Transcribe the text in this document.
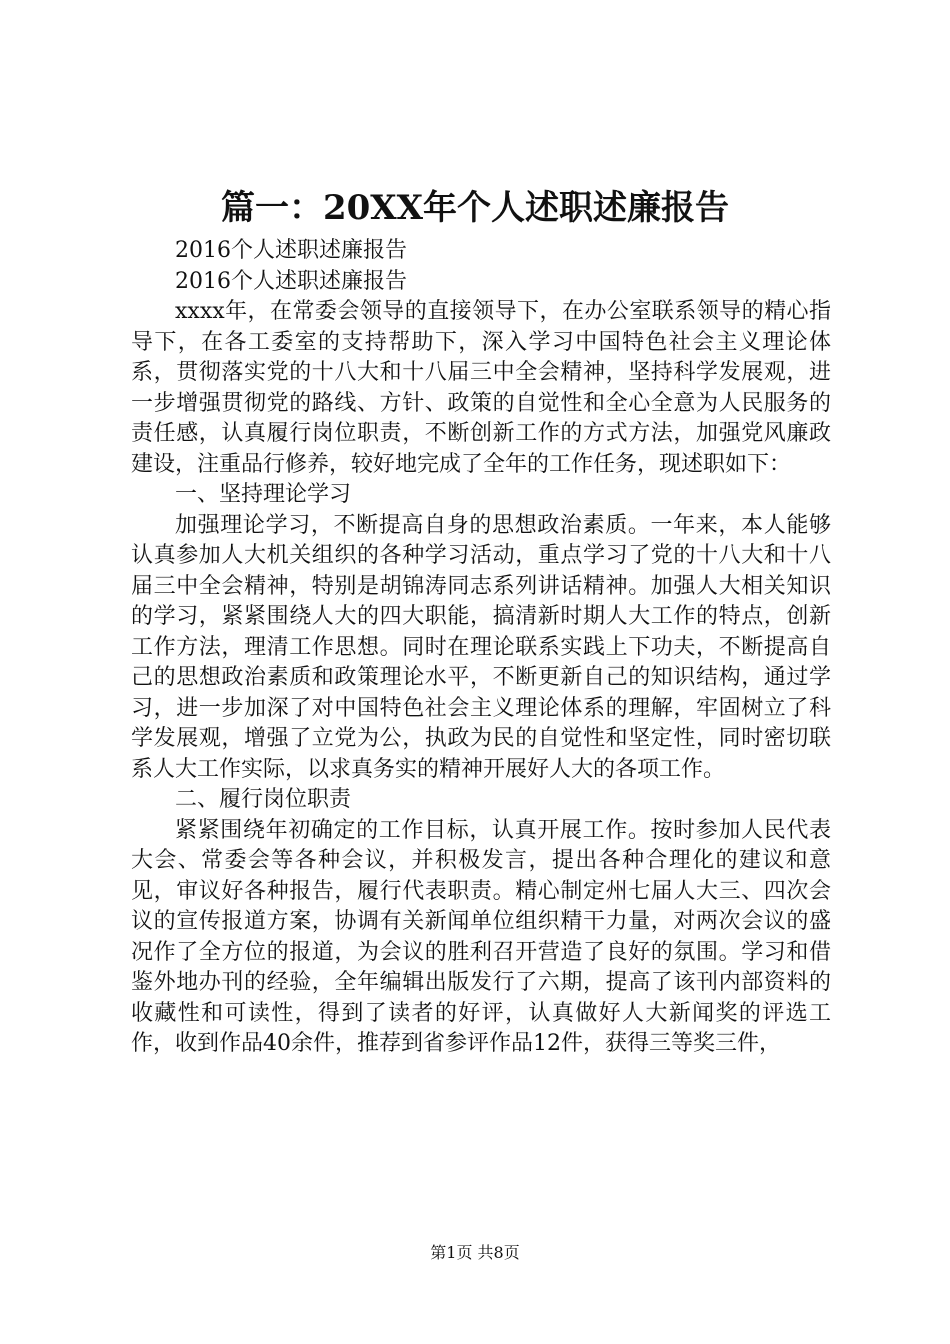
篇一：20XX年个人述职述廉报告

2016个人述职述廉报告

2016个人述职述廉报告

xxxx年，在常委会领导的直接领导下，在办公室联系领导的精心指导下，在各工委室的支持帮助下，深入学习中国特色社会主义理论体系，贯彻落实党的十八大和十八届三中全会精神，坚持科学发展观，进一步增强贯彻党的路线、方针、政策的自觉性和全心全意为人民服务的责任感，认真履行岗位职责，不断创新工作的方式方法，加强党风廉政建设，注重品行修养，较好地完成了全年的工作任务，现述职如下：

一、坚持理论学习

加强理论学习，不断提高自身的思想政治素质。一年来，本人能够认真参加人大机关组织的各种学习活动，重点学习了党的十八大和十八届三中全会精神，特别是胡锦涛同志系列讲话精神。加强人大相关知识的学习，紧紧围绕人大的四大职能，搞清新时期人大工作的特点，创新工作方法，理清工作思想。同时在理论联系实践上下功夫，不断提高自己的思想政治素质和政策理论水平，不断更新自己的知识结构，通过学习，进一步加深了对中国特色社会主义理论体系的理解，牢固树立了科学发展观，增强了立党为公，执政为民的自觉性和坚定性，同时密切联系人大工作实际，以求真务实的精神开展好人大的各项工作。

二、履行岗位职责

紧紧围绕年初确定的工作目标，认真开展工作。按时参加人民代表大会、常委会等各种会议，并积极发言，提出各种合理化的建议和意见，审议好各种报告，履行代表职责。精心制定州七届人大三、四次会议的宣传报道方案，协调有关新闻单位组织精干力量，对两次会议的盛况作了全方位的报道，为会议的胜利召开营造了良好的氛围。学习和借鉴外地办刊的经验，全年编辑出版发行了六期，提高了该刊内部资料的收藏性和可读性，得到了读者的好评，认真做好人大新闻奖的评选工作，收到作品40余件，推荐到省参评作品12件，获得三等奖三件，

第1页 共8页
